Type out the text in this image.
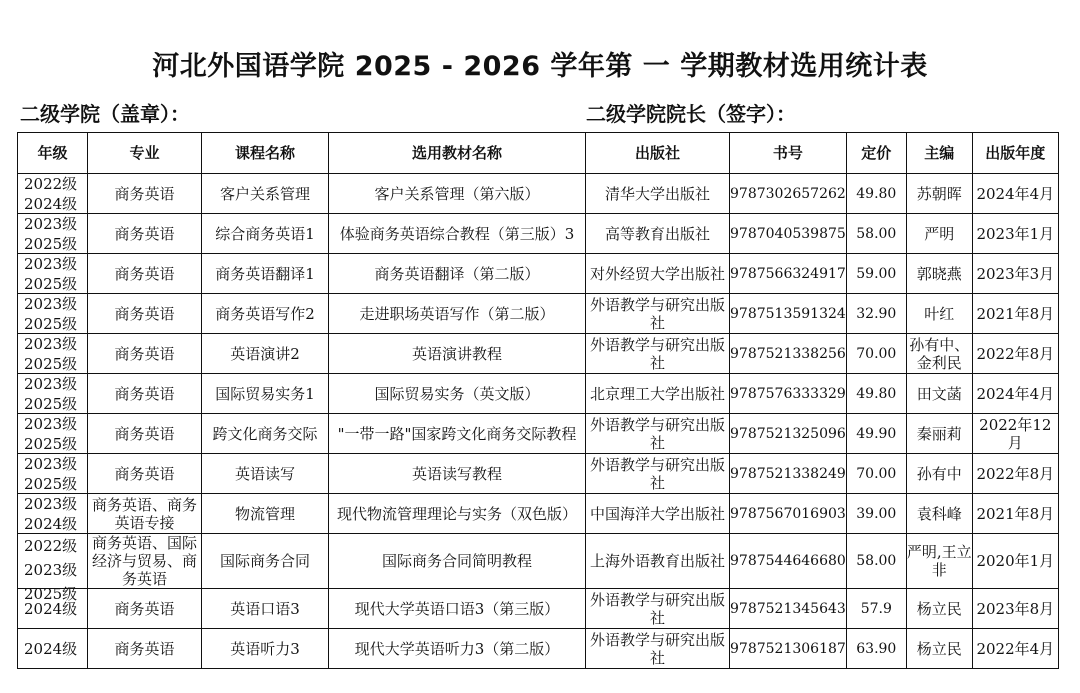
河北外国语学院 2025 - 2026 学年第 一 学期教材选用统计表
二级学院（盖章）：	二级学院院长（签字）：
年级	专业	课程名称	选用教材名称	出版社	书号	定价	主编	出版年度

2022级 2024级	商务英语	客户关系管理	客户关系管理（第六版）	清华大学出版社	9787302657262	49.80	苏朝晖	2024年4月

2023级 2025级	商务英语	综合商务英语1	体验商务英语综合教程（第三版）3	高等教育出版社	9787040539875	58.00	严明	2023年1月

2023级 2025级	商务英语	商务英语翻译1	商务英语翻译（第二版）	对外经贸大学出版社	9787566324917	59.00	郭晓燕	2023年3月

2023级 2025级	商务英语	商务英语写作2	走进职场英语写作（第二版）	外语教学与研究出版社	9787513591324	32.90	叶红	2021年8月

2023级 2025级	商务英语	英语演讲2	英语演讲教程	外语教学与研究出版社	9787521338256	70.00	孙有中、金利民	2022年8月

2023级 2025级	商务英语	国际贸易实务1	国际贸易实务（英文版）	北京理工大学出版社	9787576333329	49.80	田文菡	2024年4月

2023级 2025级	商务英语	跨文化商务交际	"一带一路"国家跨文化商务交际教程	外语教学与研究出版社	9787521325096	49.90	秦丽莉	2022年12月

2023级 2025级	商务英语	英语读写	英语读写教程	外语教学与研究出版社	9787521338249	70.00	孙有中	2022年8月

2023级 2024级	商务英语、商务英语专接	物流管理	现代物流管理理论与实务（双色版）	中国海洋大学出版社	9787567016903	39.00	袁科峰	2021年8月

2022级 2023级 2025级	商务英语、国际经济与贸易、商务英语	国际商务合同	国际商务合同简明教程	上海外语教育出版社	9787544646680	58.00	严明,王立非	2020年1月

2024级	商务英语	英语口语3	现代大学英语口语3（第三版）	外语教学与研究出版社	9787521345643	57.9	杨立民	2023年8月

2024级	商务英语	英语听力3	现代大学英语听力3（第二版）	外语教学与研究出版社	9787521306187	63.90	杨立民	2022年4月
